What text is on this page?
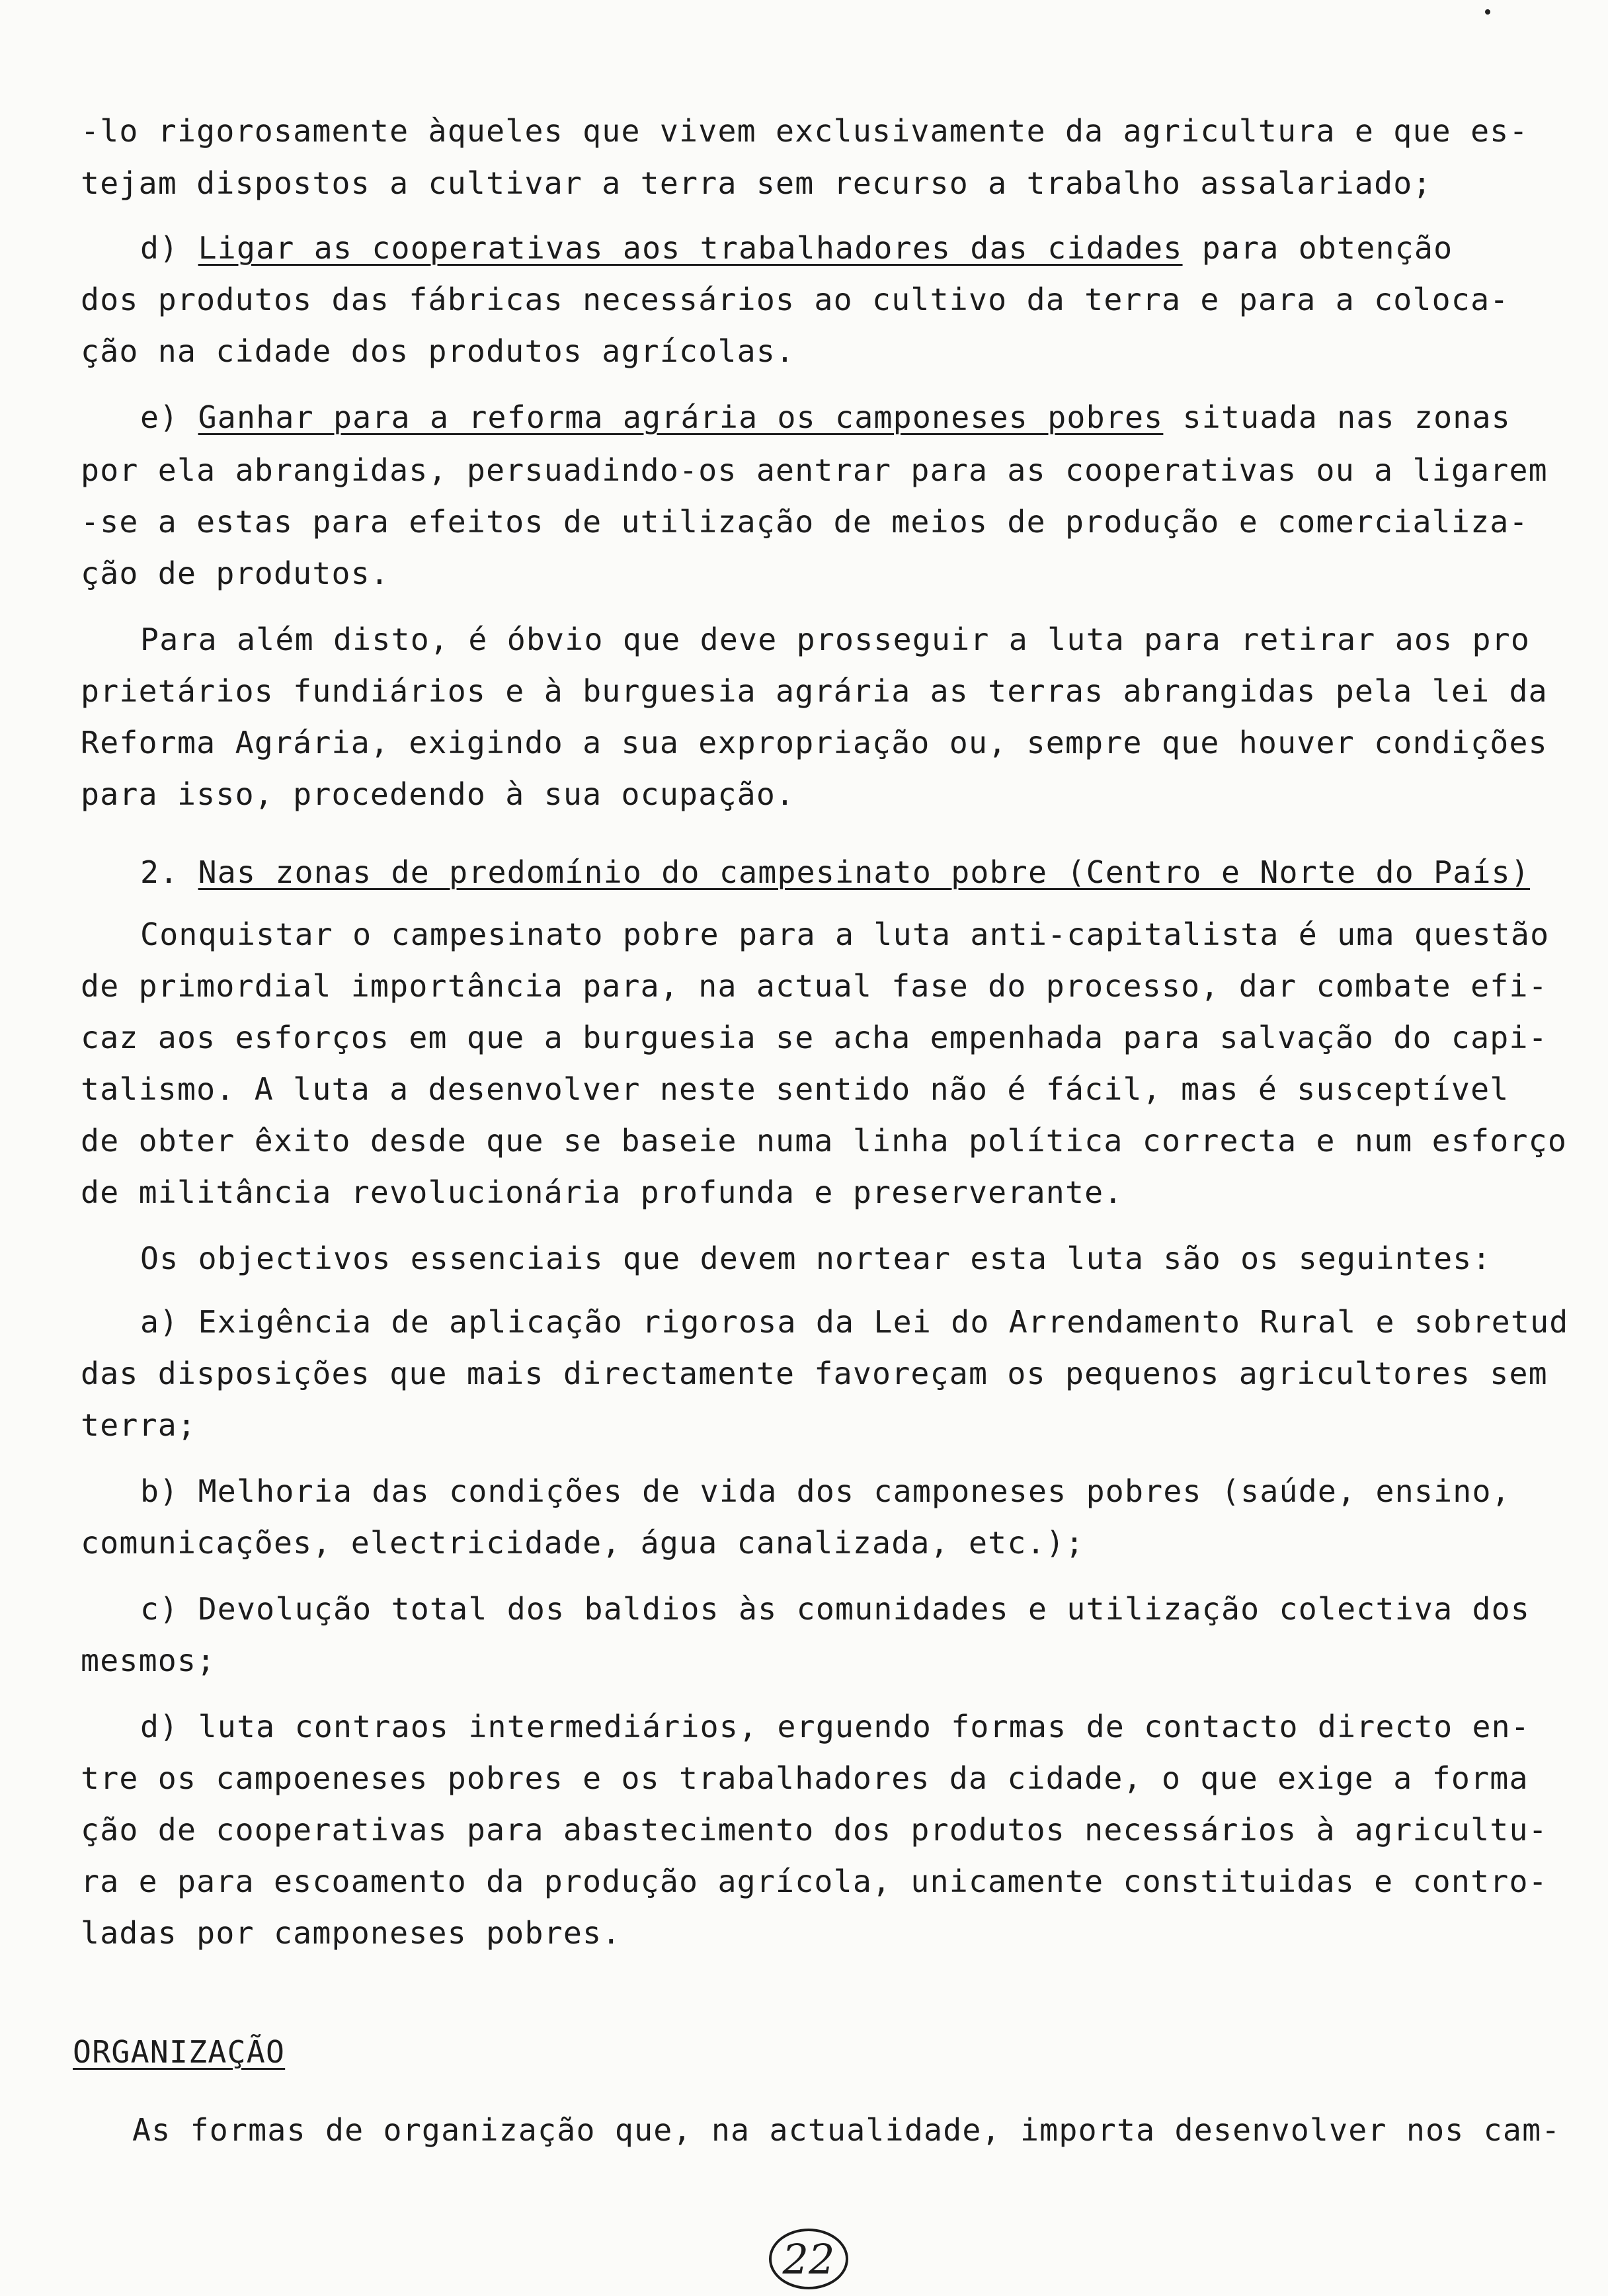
-lo rigorosamente àqueles que vivem exclusivamente da agricultura e que es-
tejam dispostos a cultivar a terra sem recurso a trabalho assalariado;
d) Ligar as cooperativas aos trabalhadores das cidades para obtenção
dos produtos das fábricas necessários ao cultivo da terra e para a coloca-
ção na cidade dos produtos agrícolas.
e) Ganhar para a reforma agrária os camponeses pobres situada nas zonas
por ela abrangidas, persuadindo-os aentrar para as cooperativas ou a ligarem
-se a estas para efeitos de utilização de meios de produção e comercializa-
ção de produtos.
Para além disto, é óbvio que deve prosseguir a luta para retirar aos pro
prietários fundiários e à burguesia agrária as terras abrangidas pela lei da
Reforma Agrária, exigindo a sua expropriação ou, sempre que houver condições
para isso, procedendo à sua ocupação.
2. Nas zonas de predomínio do campesinato pobre (Centro e Norte do País)
Conquistar o campesinato pobre para a luta anti-capitalista é uma questão
de primordial importância para, na actual fase do processo, dar combate efi-
caz aos esforços em que a burguesia se acha empenhada para salvação do capi-
talismo. A luta a desenvolver neste sentido não é fácil, mas é susceptível
de obter êxito desde que se baseie numa linha política correcta e num esforço
de militância revolucionária profunda e preserverante.
Os objectivos essenciais que devem nortear esta luta são os seguintes:
a) Exigência de aplicação rigorosa da Lei do Arrendamento Rural e sobretud
das disposições que mais directamente favoreçam os pequenos agricultores sem
terra;
b) Melhoria das condições de vida dos camponeses pobres (saúde, ensino,
comunicações, electricidade, água canalizada, etc.);
c) Devolução total dos baldios às comunidades e utilização colectiva dos
mesmos;
d) luta contraos intermediários, erguendo formas de contacto directo en-
tre os campoeneses pobres e os trabalhadores da cidade, o que exige a forma
ção de cooperativas para abastecimento dos produtos necessários à agricultu-
ra e para escoamento da produção agrícola, unicamente constituidas e contro-
ladas por camponeses pobres.
ORGANIZAÇÃO
As formas de organização que, na actualidade, importa desenvolver nos cam-
22
